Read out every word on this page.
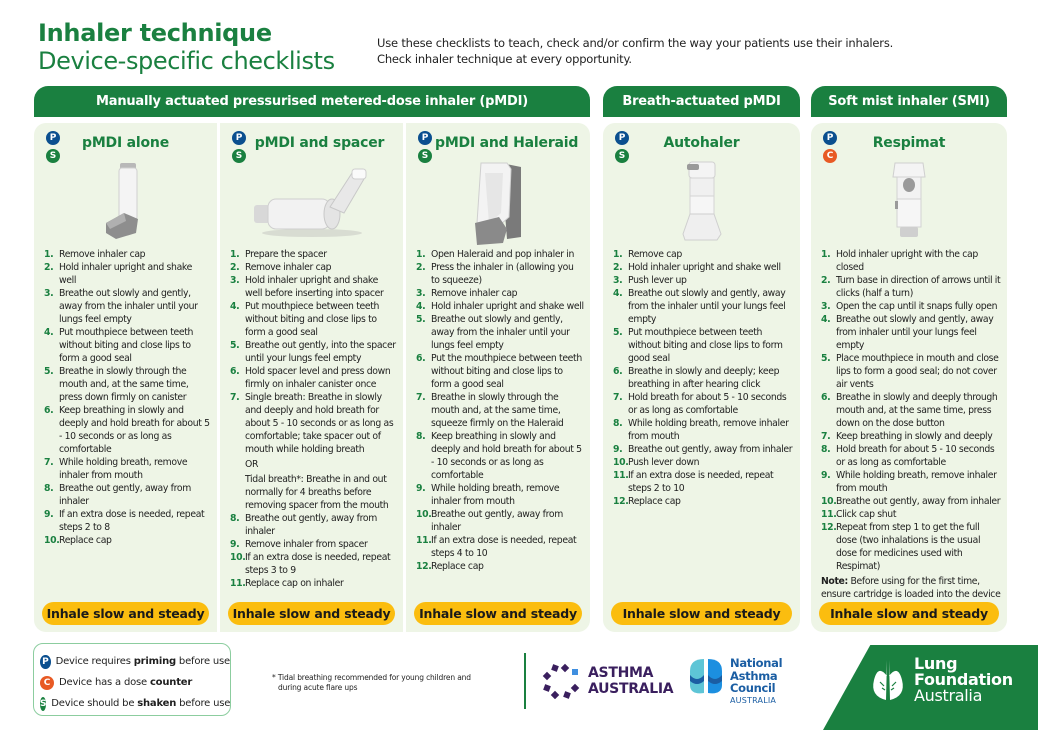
Inhaler technique
Device-specific checklists
Use these checklists to teach, check and/or confirm the way your patients use their inhalers.
Check inhaler technique at every opportunity.
Manually actuated pressurised metered-dose inhaler (pMDI)	Breath-actuated pMDI	Soft mist inhaler (SMI)
P
S
pMDI alone
1. Remove inhaler cap
2. Hold inhaler upright and shake well
3. Breathe out slowly and gently, away from the inhaler until your lungs feel empty
4. Put mouthpiece between teeth without biting and close lips to form a good seal
5. Breathe in slowly through the mouth and, at the same time, press down firmly on canister
6. Keep breathing in slowly and deeply and hold breath for about 5 - 10 seconds or as long as comfortable
7. While holding breath, remove inhaler from mouth
8. Breathe out gently, away from inhaler
9. If an extra dose is needed, repeat steps 2 to 8
10. Replace cap
Inhale slow and steady
P
S
pMDI and spacer
1. Prepare the spacer
2. Remove inhaler cap
3. Hold inhaler upright and shake well before inserting into spacer
4. Put mouthpiece between teeth without biting and close lips to form a good seal
5. Breathe out gently, into the spacer until your lungs feel empty
6. Hold spacer level and press down firmly on inhaler canister once
7. Single breath: Breathe in slowly and deeply and hold breath for about 5 - 10 seconds or as long as comfortable; take spacer out of mouth while holding breath
OR
Tidal breath*: Breathe in and out normally for 4 breaths before removing spacer from the mouth
8. Breathe out gently, away from inhaler
9. Remove inhaler from spacer
10. If an extra dose is needed, repeat steps 3 to 9
11. Replace cap on inhaler
Inhale slow and steady
P
S
pMDI and Haleraid
1. Open Haleraid and pop inhaler in
2. Press the inhaler in (allowing you to squeeze)
3. Remove inhaler cap
4. Hold inhaler upright and shake well
5. Breathe out slowly and gently, away from the inhaler until your lungs feel empty
6. Put the mouthpiece between teeth without biting and close lips to form a good seal
7. Breathe in slowly through the mouth and, at the same time, squeeze firmly on the Haleraid
8. Keep breathing in slowly and deeply and hold breath for about 5 - 10 seconds or as long as comfortable
9. While holding breath, remove inhaler from mouth
10. Breathe out gently, away from inhaler
11. If an extra dose is needed, repeat steps 4 to 10
12. Replace cap
Inhale slow and steady
P
S
Autohaler
1. Remove cap
2. Hold inhaler upright and shake well
3. Push lever up
4. Breathe out slowly and gently, away from the inhaler until your lungs feel empty
5. Put mouthpiece between teeth without biting and close lips to form good seal
6. Breathe in slowly and deeply; keep breathing in after hearing click
7. Hold breath for about 5 - 10 seconds or as long as comfortable
8. While holding breath, remove inhaler from mouth
9. Breathe out gently, away from inhaler
10. Push lever down
11. If an extra dose is needed, repeat steps 2 to 10
12. Replace cap
Inhale slow and steady
P
C
Respimat
1. Hold inhaler upright with the cap closed
2. Turn base in direction of arrows until it clicks (half a turn)
3. Open the cap until it snaps fully open
4. Breathe out slowly and gently, away from inhaler until your lungs feel empty
5. Place mouthpiece in mouth and close lips to form a good seal; do not cover air vents
6. Breathe in slowly and deeply through mouth and, at the same time, press down on the dose button
7. Keep breathing in slowly and deeply
8. Hold breath for about 5 - 10 seconds or as long as comfortable
9. While holding breath, remove inhaler from mouth
10. Breathe out gently, away from inhaler
11. Click cap shut
12. Repeat from step 1 to get the full dose (two inhalations is the usual dose for medicines used with Respimat)
Note: Before using for the first time, ensure cartridge is loaded into the device
Inhale slow and steady
P Device requires priming before use
C Device has a dose counter
S Device should be shaken before use
* Tidal breathing recommended for young children and
during acute flare ups
ASTHMA
AUSTRALIA
National
Asthma
Council
AUSTRALIA
Lung
Foundation
Australia
